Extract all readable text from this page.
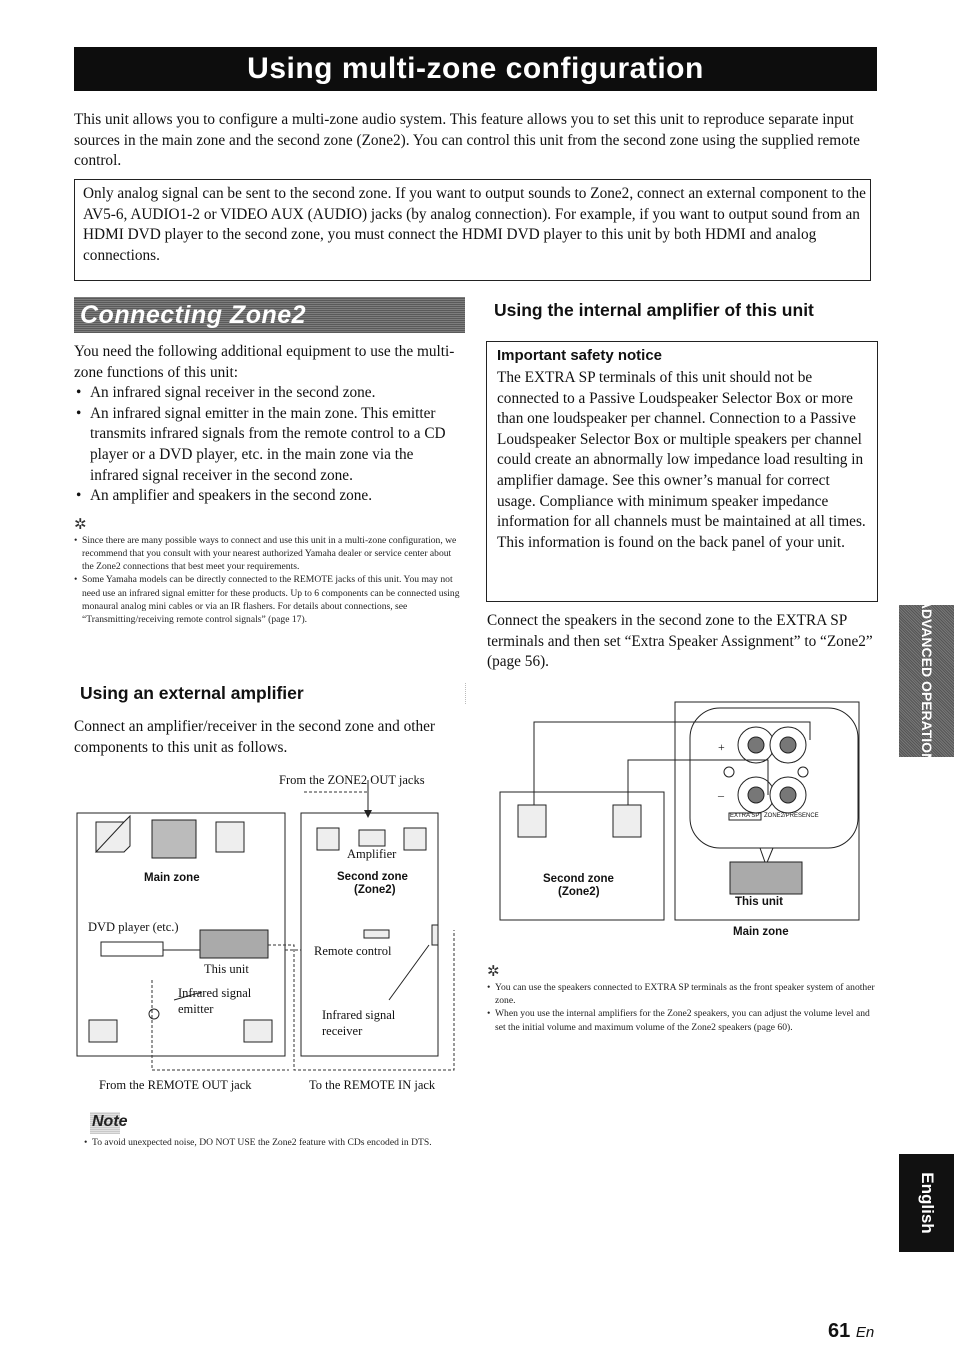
Using multi-zone configuration

This unit allows you to configure a multi-zone audio system. This feature allows you to set this unit to reproduce separate input sources in the main zone and the second zone (Zone2). You can control this unit from the second zone using the supplied remote control.

Only analog signal can be sent to the second zone. If you want to output sounds to Zone2, connect an external component to the AV5-6, AUDIO1-2 or VIDEO AUX (AUDIO) jacks (by analog connection). For example, if you want to output sound from an HDMI DVD player to the second zone, you must connect the HDMI DVD player to this unit by both HDMI and analog connections.

Connecting Zone2

You need the following additional equipment to use the multi-zone functions of this unit:

• An infrared signal receiver in the second zone.
• An infrared signal emitter in the main zone. This emitter transmits infrared signals from the remote control to a CD player or a DVD player, etc. in the main zone via the infrared signal receiver in the second zone.
• An amplifier and speakers in the second zone.
✲
• Since there are many possible ways to connect and use this unit in a multi-zone configuration, we recommend that you consult with your nearest authorized Yamaha dealer or service center about the Zone2 connections that best meet your requirements.
• Some Yamaha models can be directly connected to the REMOTE jacks of this unit. You may not need use an infrared signal emitter for these products. Up to 6 components can be connected using monaural analog mini cables or via an IR flashers. For details about connections, see “Transmitting/receiving remote control signals” (page 17).
Using an external amplifier

Connect an amplifier/receiver in the second zone and other components to this unit as follows.

From the ZONE2 OUT jacks
Amplifier
Main zone	Second zone
(Zone2)
DVD player (etc.)
This unit
Remote control
Infrared signal
emitter	Infrared signal
receiver
From the REMOTE OUT jack	To the REMOTE IN jack
Note
• To avoid unexpected noise, DO NOT USE the Zone2 feature with CDs encoded in DTS.
Using the internal amplifier of this unit
Important safety notice

The EXTRA SP terminals of this unit should not be connected to a Passive Loudspeaker Selector Box or more than one loudspeaker per channel. Connection to a Passive Loudspeaker Selector Box or multiple speakers per channel could create an abnormally low impedance load resulting in amplifier damage. See this owner’s manual for correct usage. Compliance with minimum speaker impedance information for all channels must be maintained at all times. This information is found on the back panel of your unit.

Connect the speakers in the second zone to the EXTRA SP terminals and then set “Extra Speaker Assignment” to “Zone2” (page 56).

+
–
EXTRA SP ZONE2/PRESENCE
Second zone
(Zone2)
This unit
Main zone
✲
• You can use the speakers connected to EXTRA SP terminals as the front speaker system of another zone.
• When you use the internal amplifiers for the Zone2 speakers, you can adjust the volume level and set the initial volume and maximum volume of the Zone2 speakers (page 60).
ADVANCED OPERATION
English
61 En
